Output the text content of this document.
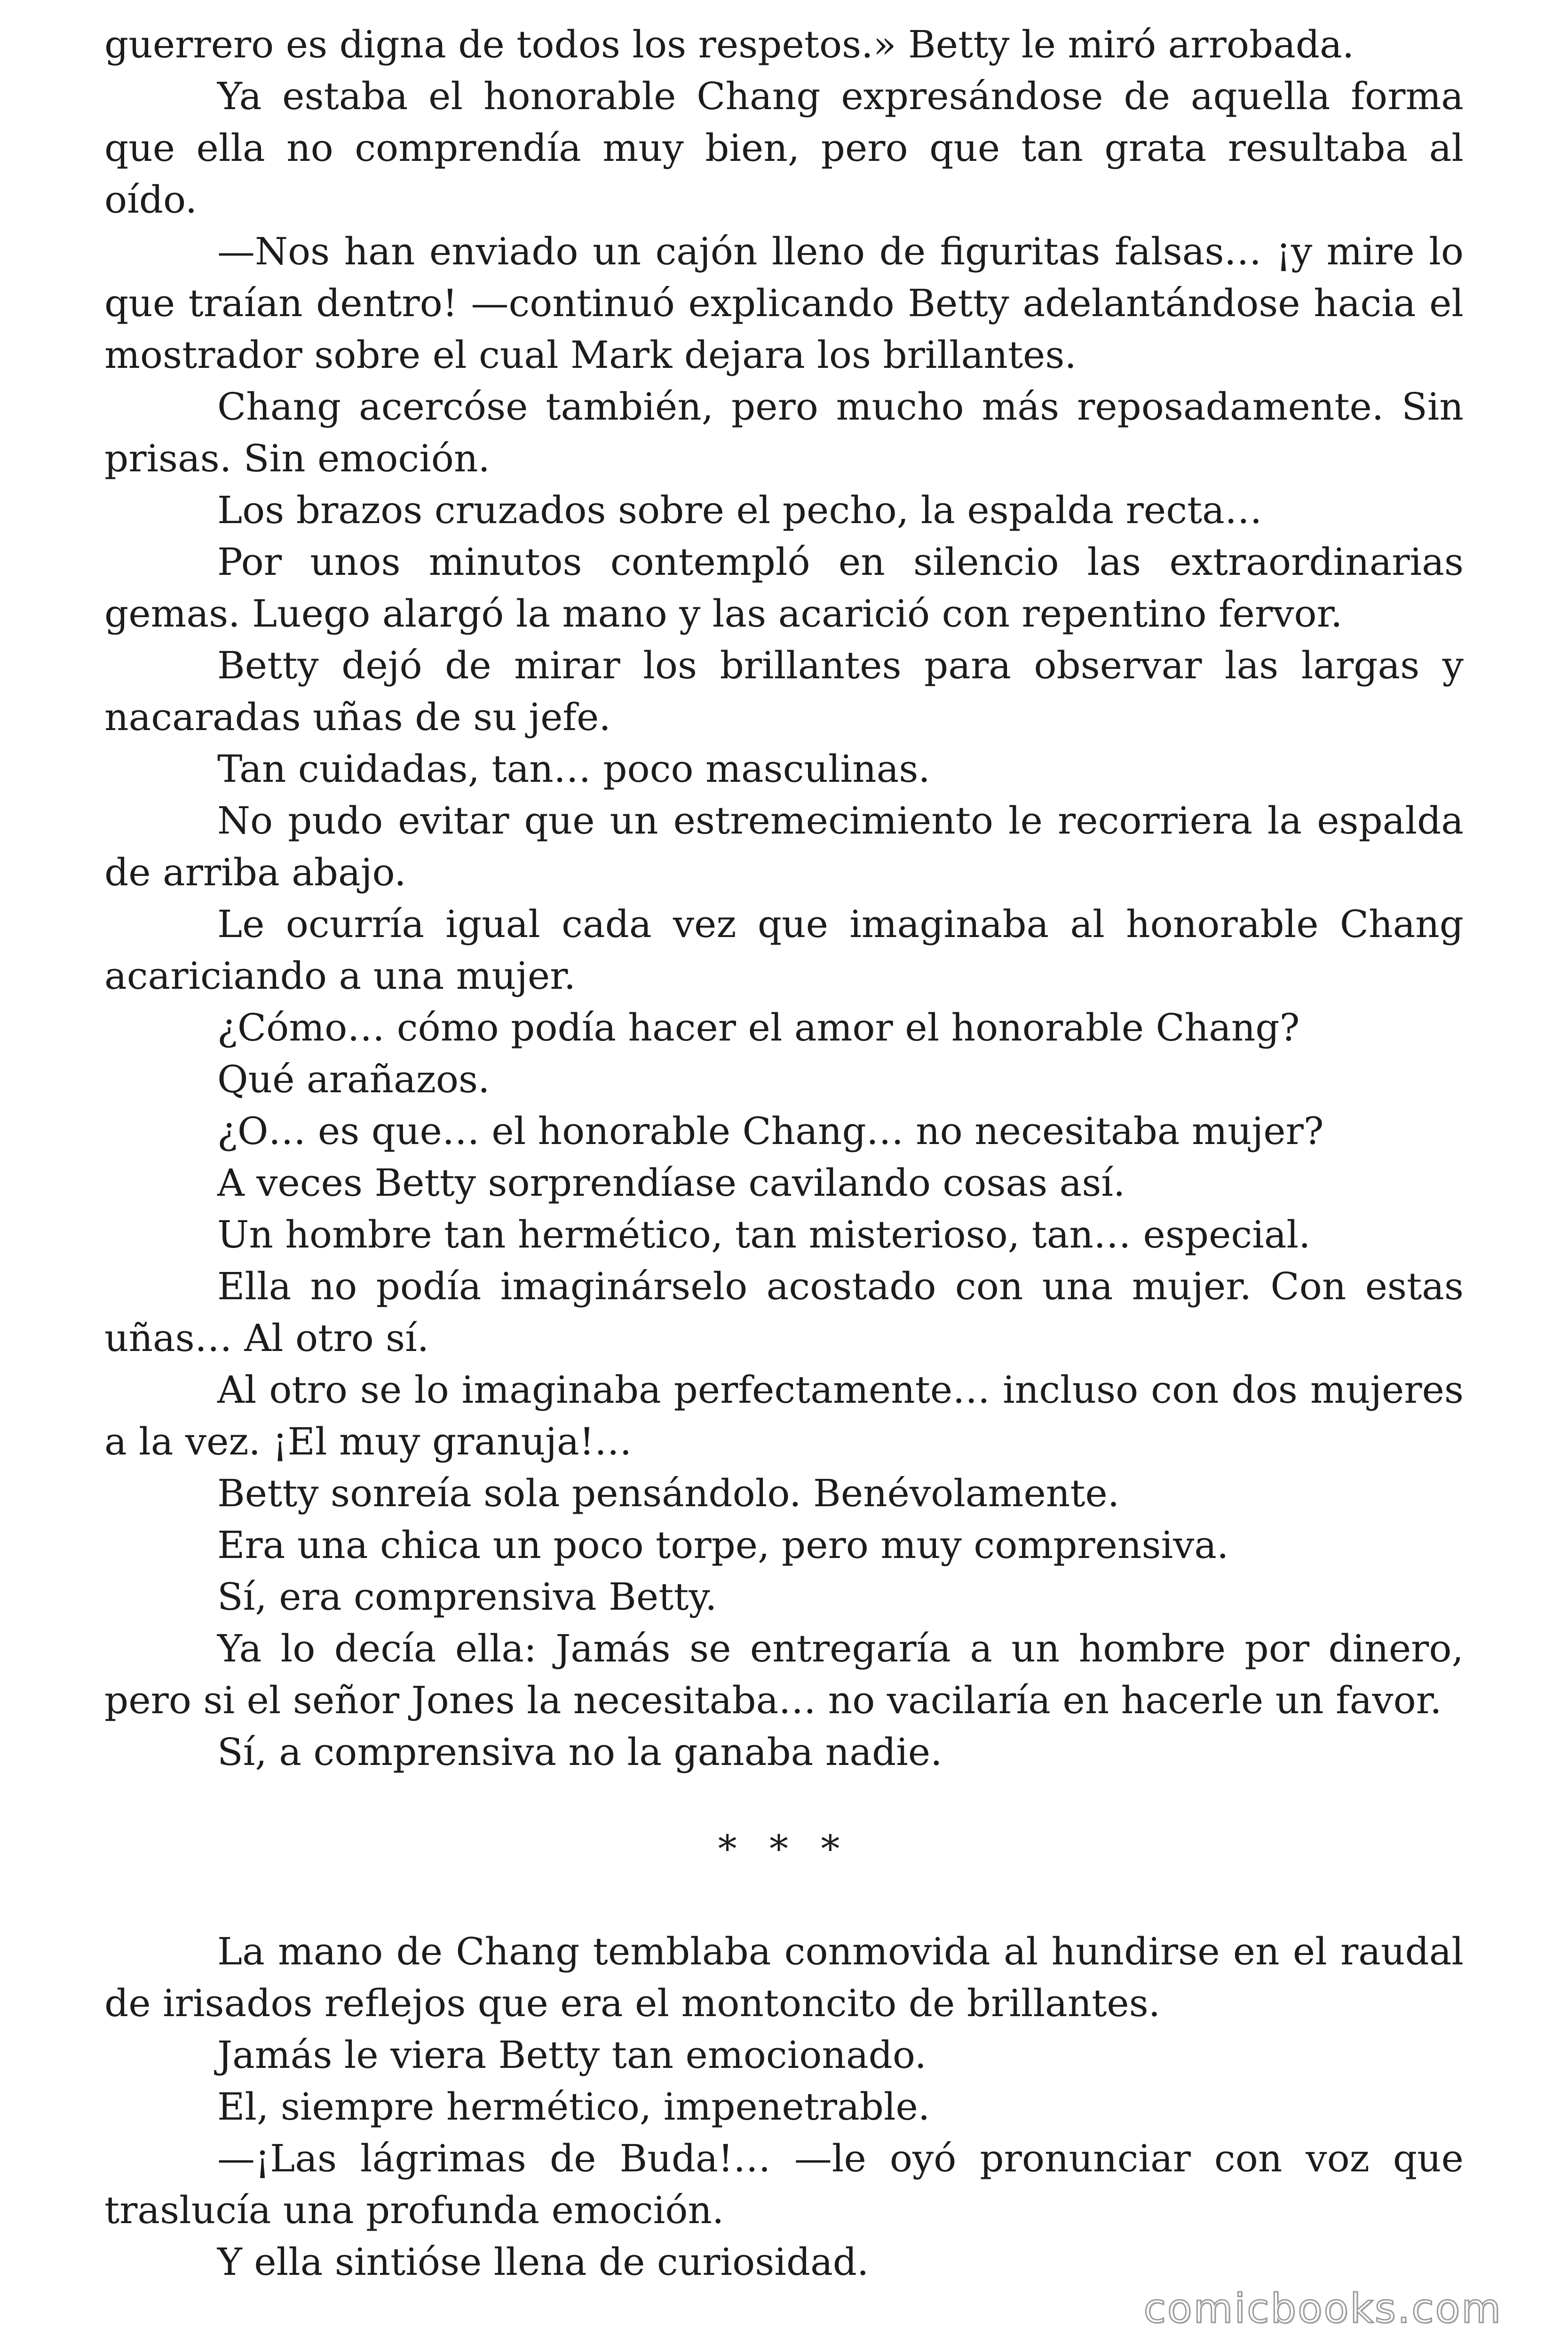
guerrero es digna de todos los respetos.» Betty le miró arrobada.

Ya estaba el honorable Chang expresándose de aquella forma que ella no comprendía muy bien, pero que tan grata resultaba al oído.

—Nos han enviado un cajón lleno de figuritas falsas… ¡y mire lo que traían dentro! —continuó explicando Betty adelantándose hacia el mostrador sobre el cual Mark dejara los brillantes.

Chang acercóse también, pero mucho más reposadamente. Sin prisas. Sin emoción.

Los brazos cruzados sobre el pecho, la espalda recta…

Por unos minutos contempló en silencio las extraordinarias gemas. Luego alargó la mano y las acarició con repentino fervor.

Betty dejó de mirar los brillantes para observar las largas y nacaradas uñas de su jefe.

Tan cuidadas, tan… poco masculinas.

No pudo evitar que un estremecimiento le recorriera la espalda de arriba abajo.

Le ocurría igual cada vez que imaginaba al honorable Chang acariciando a una mujer.

¿Cómo… cómo podía hacer el amor el honorable Chang?

Qué arañazos.

¿O… es que… el honorable Chang… no necesitaba mujer?

A veces Betty sorprendíase cavilando cosas así.

Un hombre tan hermético, tan misterioso, tan… especial.

Ella no podía imaginárselo acostado con una mujer. Con estas uñas… Al otro sí.

Al otro se lo imaginaba perfectamente… incluso con dos mujeres a la vez. ¡El muy granuja!…

Betty sonreía sola pensándolo. Benévolamente.

Era una chica un poco torpe, pero muy comprensiva.

Sí, era comprensiva Betty.

Ya lo decía ella: Jamás se entregaría a un hombre por dinero, pero si el señor Jones la necesitaba… no vacilaría en hacerle un favor.

Sí, a comprensiva no la ganaba nadie.

* * *

La mano de Chang temblaba conmovida al hundirse en el raudal de irisados reflejos que era el montoncito de brillantes.

Jamás le viera Betty tan emocionado.

El, siempre hermético, impenetrable.

—¡Las lágrimas de Buda!… —le oyó pronunciar con voz que traslucía una profunda emoción.

Y ella sintióse llena de curiosidad.

comicbooks.com
